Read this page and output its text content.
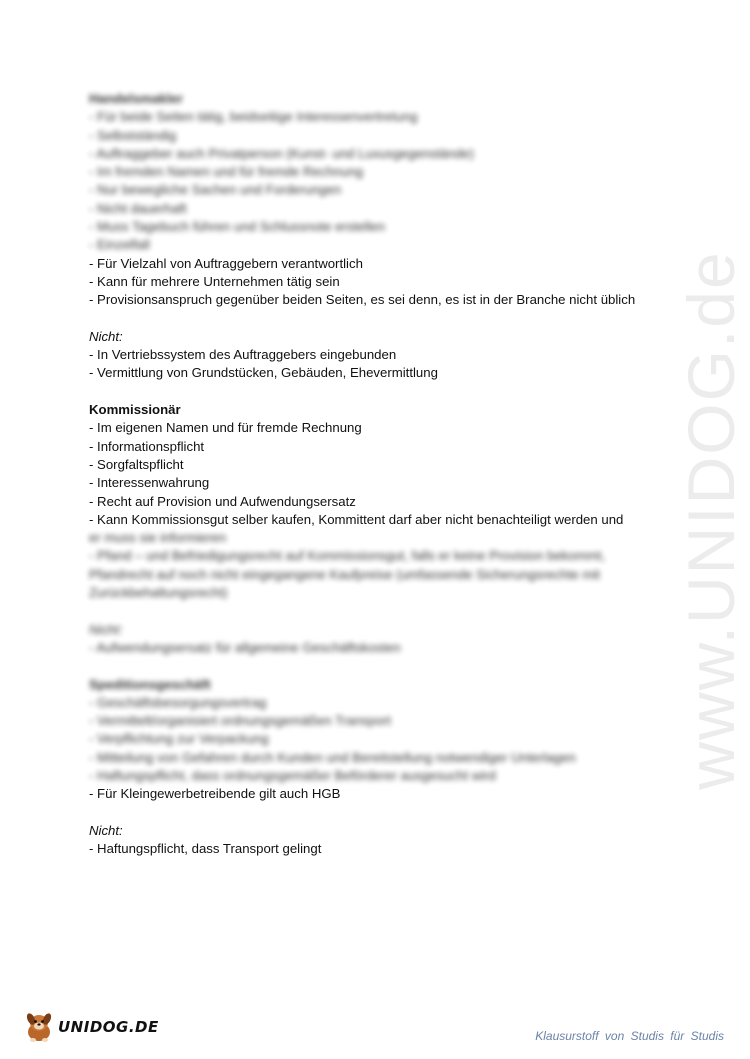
www.UNIDOG.de
Handelsmakler
- Für beide Seiten tätig, beidseitige Interessenvertretung
- Selbstständig
- Auftraggeber auch Privatperson (Kunst- und Luxusgegenstände)
- Im fremden Namen und für fremde Rechnung
- Nur bewegliche Sachen und Forderungen
- Nicht dauerhaft
- Muss Tagebuch führen und Schlussnote erstellen
- Einzelfall
- Für Vielzahl von Auftraggebern verantwortlich
- Kann für mehrere Unternehmen tätig sein
- Provisionsanspruch gegenüber beiden Seiten, es sei denn, es ist in der Branche nicht üblich
Nicht:
- In Vertriebssystem des Auftraggebers eingebunden
- Vermittlung von Grundstücken, Gebäuden, Ehevermittlung
Kommissionär
- Im eigenen Namen und für fremde Rechnung
- Informationspflicht
- Sorgfaltspflicht
- Interessenwahrung
- Recht auf Provision und Aufwendungsersatz
- Kann Kommissionsgut selber kaufen, Kommittent darf aber nicht benachteiligt werden und
er muss sie informieren
- Pfand – und Befriedigungsrecht auf Kommissionsgut, falls er keine Provision bekommt,
Pfandrecht auf noch nicht eingegangene Kaufpreise (umfassende Sicherungsrechte mit
Zurückbehaltungsrecht)
Nicht:
- Aufwendungsersatz für allgemeine Geschäftskosten
Speditionsgeschäft
- Geschäftsbesorgungsvertrag
- Vermittelt/organisiert ordnungsgemäßen Transport
- Verpflichtung zur Verpackung
- Mitteilung von Gefahren durch Kunden und Bereitstellung notwendiger Unterlagen
- Haftungspflicht, dass ordnungsgemäßer Beförderer ausgesucht wird
- Für Kleingewerbetreibende gilt auch HGB
Nicht:
- Haftungspflicht, dass Transport gelingt
UNIDOG.DE	Klausurstoff von Studis für Studis
